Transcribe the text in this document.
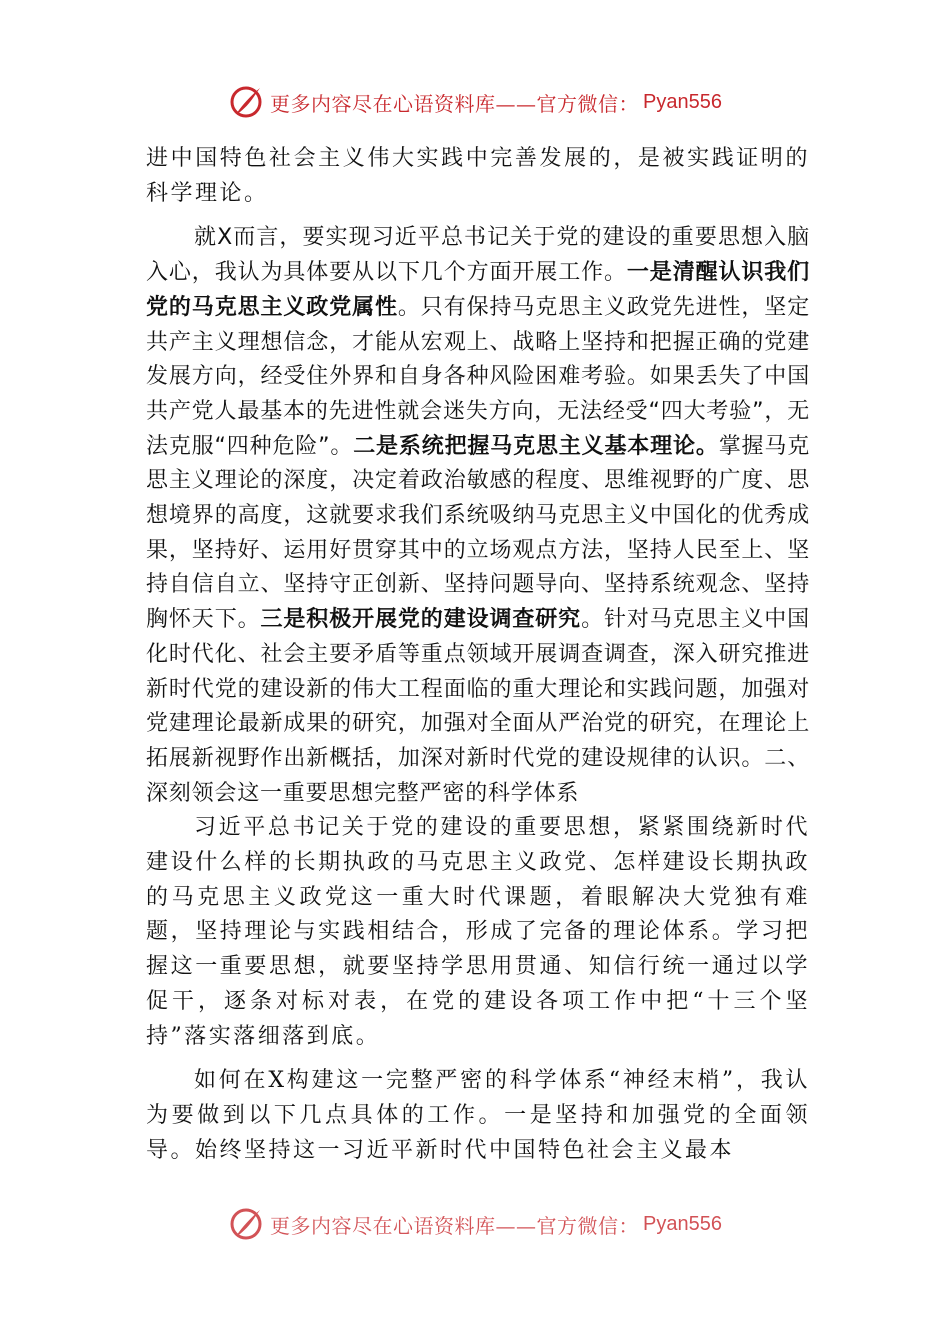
更多内容尽在心语资料库——官方微信： Pyan556

进中国特色社会主义伟大实践中完善发展的，是被实践证明的科学理论。

就X而言，要实现习近平总书记关于党的建设的重要思想入脑入心，我认为具体要从以下几个方面开展工作。一是清醒认识我们党的马克思主义政党属性。只有保持马克思主义政党先进性，坚定共产主义理想信念，才能从宏观上、战略上坚持和把握正确的党建发展方向，经受住外界和自身各种风险困难考验。如果丢失了中国共产党人最基本的先进性就会迷失方向，无法经受“四大考验”，无法克服“四种危险”。二是系统把握马克思主义基本理论。掌握马克思主义理论的深度，决定着政治敏感的程度、思维视野的广度、思想境界的高度，这就要求我们系统吸纳马克思主义中国化的优秀成果，坚持好、运用好贯穿其中的立场观点方法，坚持人民至上、坚持自信自立、坚持守正创新、坚持问题导向、坚持系统观念、坚持胸怀天下。三是积极开展党的建设调查研究。针对马克思主义中国化时代化、社会主要矛盾等重点领域开展调查调查，深入研究推进新时代党的建设新的伟大工程面临的重大理论和实践问题，加强对党建理论最新成果的研究，加强对全面从严治党的研究，在理论上拓展新视野作出新概括，加深对新时代党的建设规律的认识。二、深刻领会这一重要思想完整严密的科学体系

习近平总书记关于党的建设的重要思想，紧紧围绕新时代建设什么样的长期执政的马克思主义政党、怎样建设长期执政的马克思主义政党这一重大时代课题，着眼解决大党独有难题，坚持理论与实践相结合，形成了完备的理论体系。学习把握这一重要思想，就要坚持学思用贯通、知信行统一通过以学促干，逐条对标对表，在党的建设各项工作中把“十三个坚持”落实落细落到底。

如何在X构建这一完整严密的科学体系“神经末梢”，我认为要做到以下几点具体的工作。一是坚持和加强党的全面领导。始终坚持这一习近平新时代中国特色社会主义最本

更多内容尽在心语资料库——官方微信： Pyan556
